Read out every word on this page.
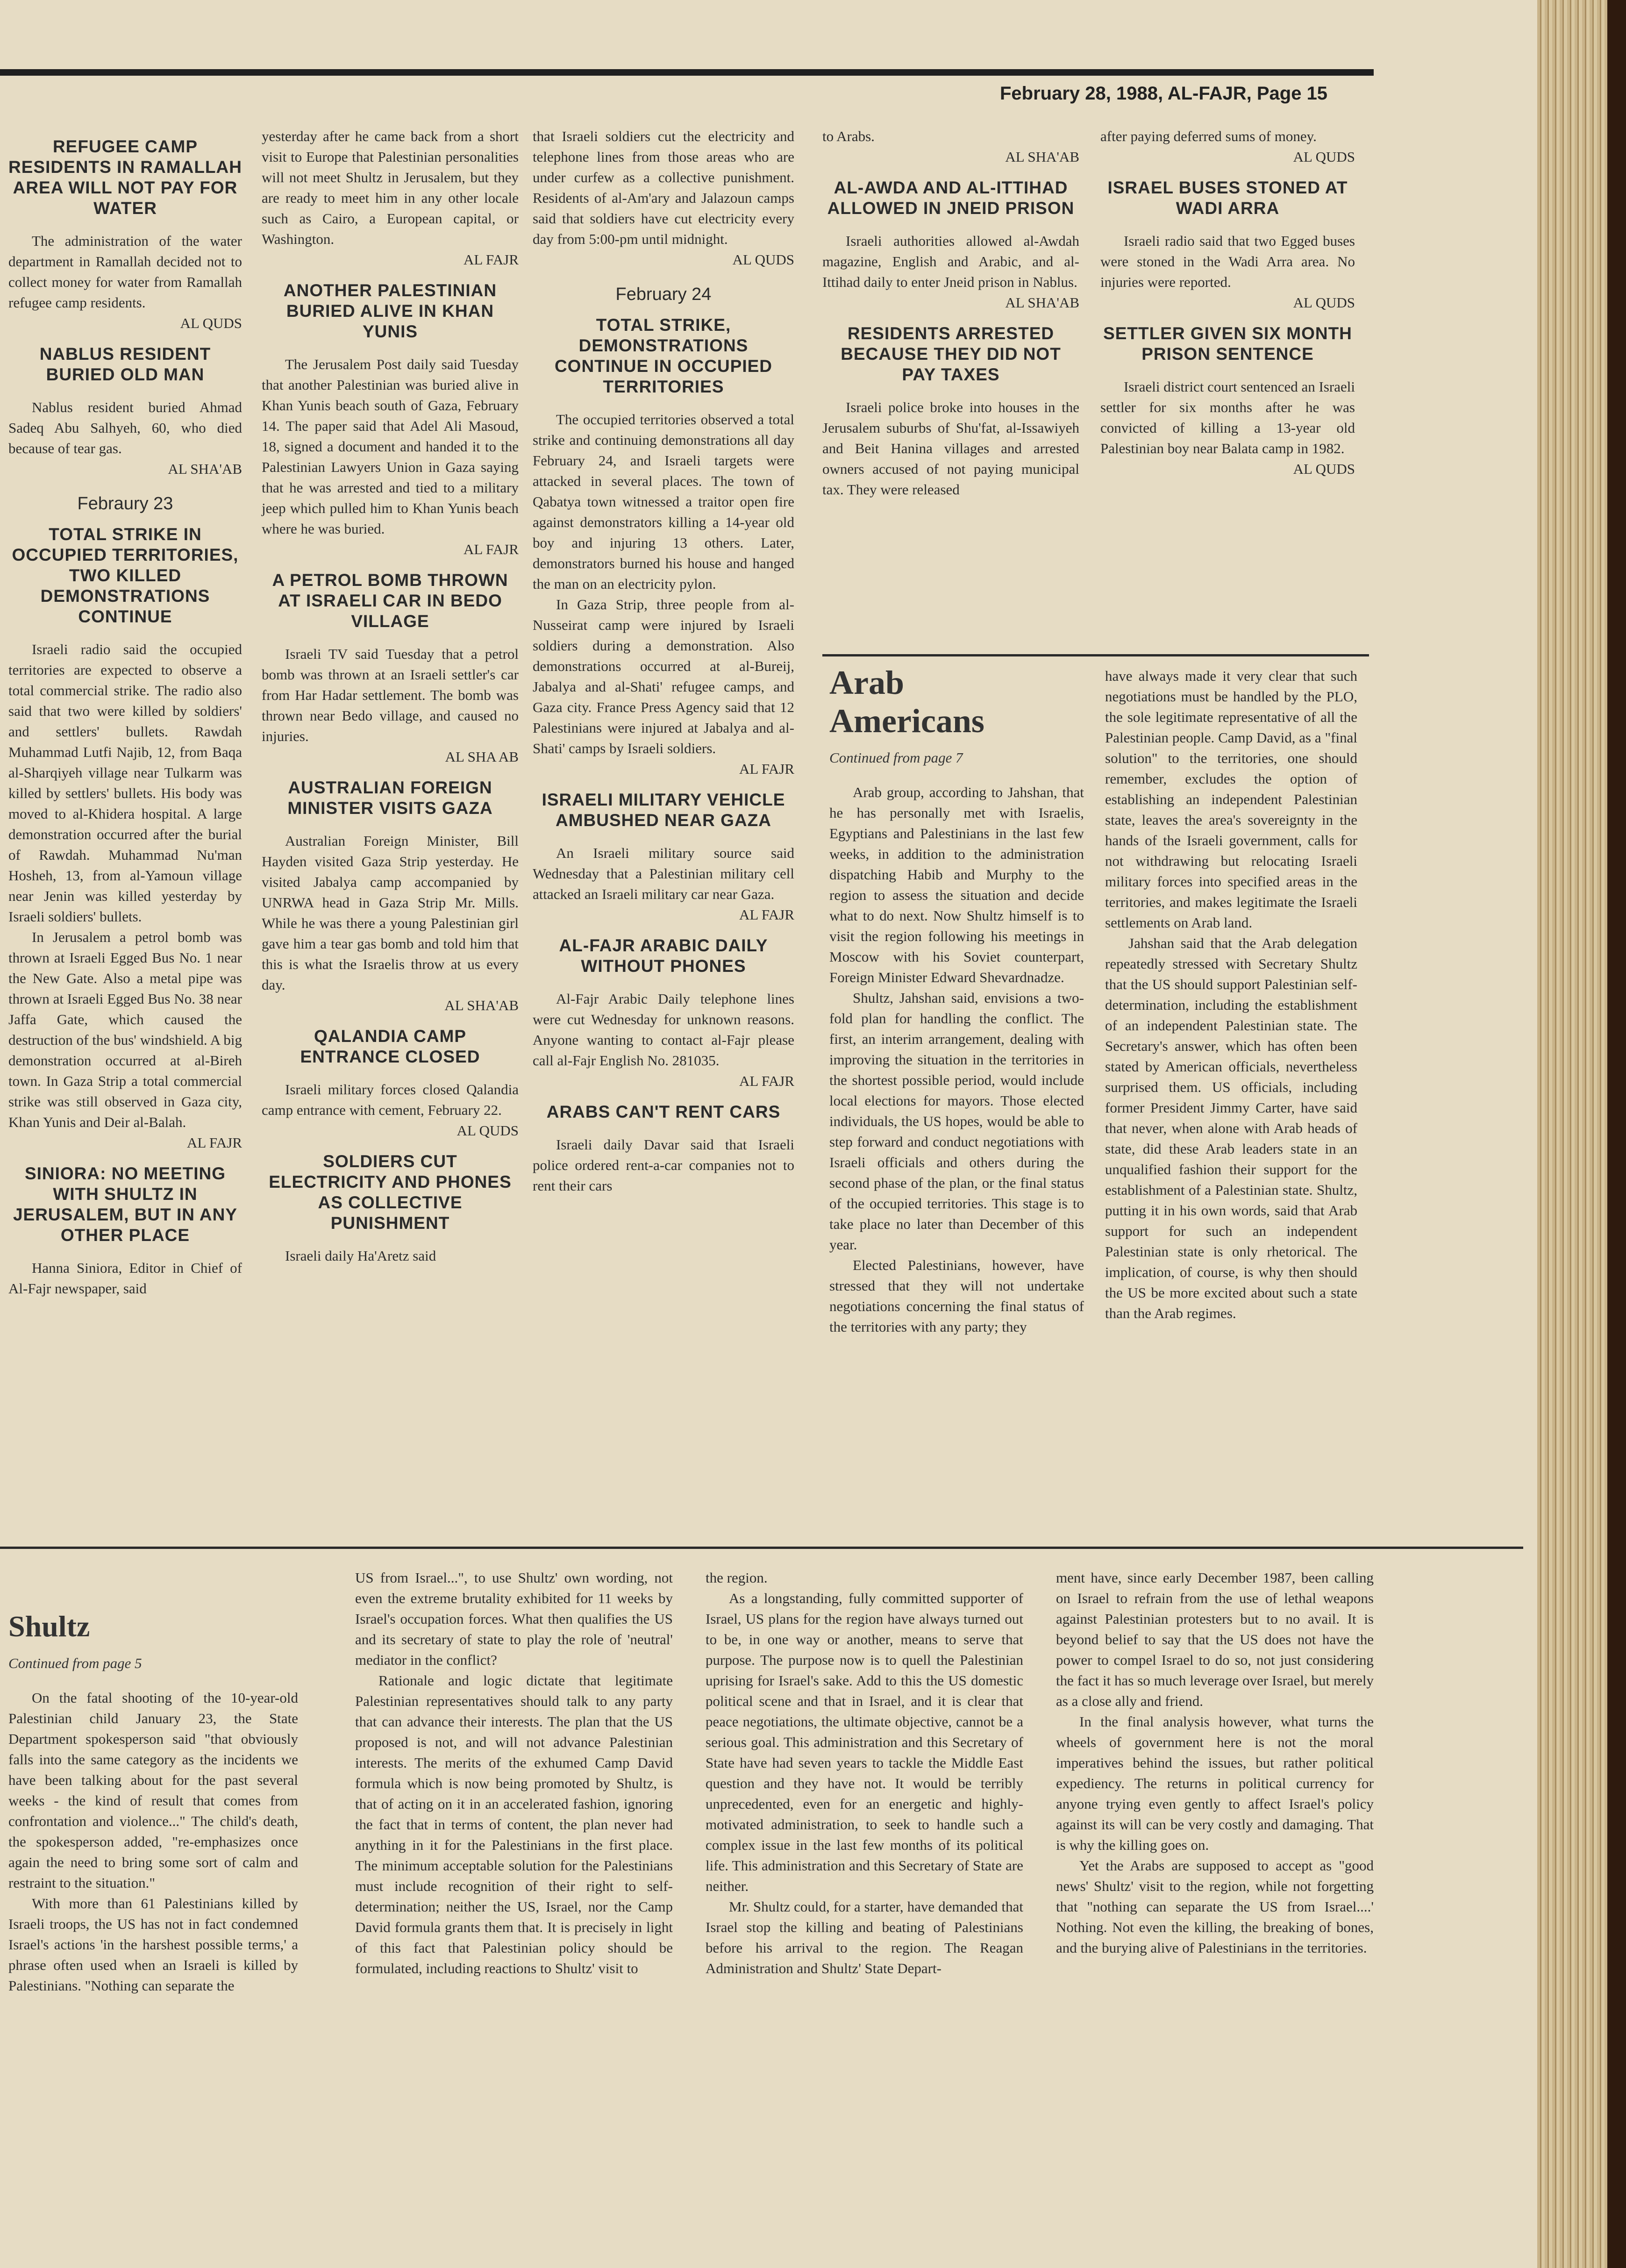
February 28, 1988, AL-FAJR, Page 15
REFUGEE CAMP RESIDENTS IN RAMALLAH AREA WILL NOT PAY FOR WATER
The administration of the water department in Ramallah decided not to collect money for water from Ramallah refugee camp residents.
AL QUDS
NABLUS RESIDENT BURIED OLD MAN
Nablus resident buried Ahmad Sadeq Abu Salhyeh, 60, who died because of tear gas.
AL SHA'AB
Febraury 23
TOTAL STRIKE IN OCCUPIED TERRITORIES, TWO KILLED DEMONSTRATIONS CONTINUE
Israeli radio said the occupied territories are expected to observe a total commercial strike. The radio also said that two were killed by soldiers' and settlers' bullets. Rawdah Muhammad Lutfi Najib, 12, from Baqa al-Sharqiyeh village near Tulkarm was killed by settlers' bullets. His body was moved to al-Khidera hospital. A large demonstration occurred after the burial of Rawdah. Muhammad Nu'man Hosheh, 13, from al-Yamoun village near Jenin was killed yesterday by Israeli soldiers' bullets.
In Jerusalem a petrol bomb was thrown at Israeli Egged Bus No. 1 near the New Gate. Also a metal pipe was thrown at Israeli Egged Bus No. 38 near Jaffa Gate, which caused the destruction of the bus' windshield. A big demonstration occurred at al-Bireh town. In Gaza Strip a total commercial strike was still observed in Gaza city, Khan Yunis and Deir al-Balah.
AL FAJR
SINIORA: NO MEETING WITH SHULTZ IN JERUSALEM, BUT IN ANY OTHER PLACE
Hanna Siniora, Editor in Chief of Al-Fajr newspaper, said
yesterday after he came back from a short visit to Europe that Palestinian personalities will not meet Shultz in Jerusalem, but they are ready to meet him in any other locale such as Cairo, a European capital, or Washington.
AL FAJR
ANOTHER PALESTINIAN BURIED ALIVE IN KHAN YUNIS
The Jerusalem Post daily said Tuesday that another Palestinian was buried alive in Khan Yunis beach south of Gaza, February 14. The paper said that Adel Ali Masoud, 18, signed a document and handed it to the Palestinian Lawyers Union in Gaza saying that he was arrested and tied to a military jeep which pulled him to Khan Yunis beach where he was buried.
AL FAJR
A PETROL BOMB THROWN AT ISRAELI CAR IN BEDO VILLAGE
Israeli TV said Tuesday that a petrol bomb was thrown at an Israeli settler's car from Har Hadar settlement. The bomb was thrown near Bedo village, and caused no injuries.
AL SHA AB
AUSTRALIAN FOREIGN MINISTER VISITS GAZA
Australian Foreign Minister, Bill Hayden visited Gaza Strip yesterday. He visited Jabalya camp accompanied by UNRWA head in Gaza Strip Mr. Mills. While he was there a young Palestinian girl gave him a tear gas bomb and told him that this is what the Israelis throw at us every day.
AL SHA'AB
QALANDIA CAMP ENTRANCE CLOSED
Israeli military forces closed Qalandia camp entrance with cement, February 22.
AL QUDS
SOLDIERS CUT ELECTRICITY AND PHONES AS COLLECTIVE PUNISHMENT
Israeli daily Ha'Aretz said
that Israeli soldiers cut the electricity and telephone lines from those areas who are under curfew as a collective punishment. Residents of al-Am'ary and Jalazoun camps said that soldiers have cut electricity every day from 5:00-pm until midnight.
AL QUDS
February 24
TOTAL STRIKE, DEMONSTRATIONS CONTINUE IN OCCUPIED TERRITORIES
The occupied territories observed a total strike and continuing demonstrations all day February 24, and Israeli targets were attacked in several places. The town of Qabatya town witnessed a traitor open fire against demonstrators killing a 14-year old boy and injuring 13 others. Later, demonstrators burned his house and hanged the man on an electricity pylon.
In Gaza Strip, three people from al-Nusseirat camp were injured by Israeli soldiers during a demonstration. Also demonstrations occurred at al-Bureij, Jabalya and al-Shati' refugee camps, and Gaza city. France Press Agency said that 12 Palestinians were injured at Jabalya and al-Shati' camps by Israeli soldiers.
AL FAJR
ISRAELI MILITARY VEHICLE AMBUSHED NEAR GAZA
An Israeli military source said Wednesday that a Palestinian military cell attacked an Israeli military car near Gaza.
AL FAJR
AL-FAJR ARABIC DAILY WITHOUT PHONES
Al-Fajr Arabic Daily telephone lines were cut Wednesday for unknown reasons. Anyone wanting to contact al-Fajr please call al-Fajr English No. 281035.
AL FAJR
ARABS CAN'T RENT CARS
Israeli daily Davar said that Israeli police ordered rent-a-car companies not to rent their cars
to Arabs.
AL SHA'AB
AL-AWDA AND AL-ITTIHAD ALLOWED IN JNEID PRISON
Israeli authorities allowed al-Awdah magazine, English and Arabic, and al-Ittihad daily to enter Jneid prison in Nablus.
AL SHA'AB
RESIDENTS ARRESTED BECAUSE THEY DID NOT PAY TAXES
Israeli police broke into houses in the Jerusalem suburbs of Shu'fat, al-Issawiyeh and Beit Hanina villages and arrested owners accused of not paying municipal tax. They were released
after paying deferred sums of money.
AL QUDS
ISRAEL BUSES STONED AT WADI ARRA
Israeli radio said that two Egged buses were stoned in the Wadi Arra area. No injuries were reported.
AL QUDS
SETTLER GIVEN SIX MONTH PRISON SENTENCE
Israeli district court sentenced an Israeli settler for six months after he was convicted of killing a 13-year old Palestinian boy near Balata camp in 1982.
AL QUDS
Arab
Americans
Continued from page 7
Arab group, according to Jahshan, that he has personally met with Israelis, Egyptians and Palestinians in the last few weeks, in addition to the administration dispatching Habib and Murphy to the region to assess the situation and decide what to do next. Now Shultz himself is to visit the region following his meetings in Moscow with his Soviet counterpart, Foreign Minister Edward Shevardnadze.
Shultz, Jahshan said, envisions a two-fold plan for handling the conflict. The first, an interim arrangement, dealing with improving the situation in the territories in the shortest possible period, would include local elections for mayors. Those elected individuals, the US hopes, would be able to step forward and conduct negotiations with Israeli officials and others during the second phase of the plan, or the final status of the occupied territories. This stage is to take place no later than December of this year.
Elected Palestinians, however, have stressed that they will not undertake negotiations concerning the final status of the territories with any party; they
have always made it very clear that such negotiations must be handled by the PLO, the sole legitimate representative of all the Palestinian people. Camp David, as a "final solution" to the territories, one should remember, excludes the option of establishing an independent Palestinian state, leaves the area's sovereignty in the hands of the Israeli government, calls for not withdrawing but relocating Israeli military forces into specified areas in the territories, and makes legitimate the Israeli settlements on Arab land.
Jahshan said that the Arab delegation repeatedly stressed with Secretary Shultz that the US should support Palestinian self-determination, including the establishment of an independent Palestinian state. The Secretary's answer, which has often been stated by American officials, nevertheless surprised them. US officials, including former President Jimmy Carter, have said that never, when alone with Arab heads of state, did these Arab leaders state in an unqualified fashion their support for the establishment of a Palestinian state. Shultz, putting it in his own words, said that Arab support for such an independent Palestinian state is only rhetorical. The implication, of course, is why then should the US be more excited about such a state than the Arab regimes.
Shultz
Continued from page 5
On the fatal shooting of the 10-year-old Palestinian child January 23, the State Department spokesperson said "that obviously falls into the same category as the incidents we have been talking about for the past several weeks - the kind of result that comes from confrontation and violence..." The child's death, the spokesperson added, "re-emphasizes once again the need to bring some sort of calm and restraint to the situation."
With more than 61 Palestinians killed by Israeli troops, the US has not in fact condemned Israel's actions 'in the harshest possible terms,' a phrase often used when an Israeli is killed by Palestinians. "Nothing can separate the
US from Israel...", to use Shultz' own wording, not even the extreme brutality exhibited for 11 weeks by Israel's occupation forces. What then qualifies the US and its secretary of state to play the role of 'neutral' mediator in the conflict?
Rationale and logic dictate that legitimate Palestinian representatives should talk to any party that can advance their interests. The plan that the US proposed is not, and will not advance Palestinian interests. The merits of the exhumed Camp David formula which is now being promoted by Shultz, is that of acting on it in an accelerated fashion, ignoring the fact that in terms of content, the plan never had anything in it for the Palestinians in the first place. The minimum acceptable solution for the Palestinians must include recognition of their right to self-determination; neither the US, Israel, nor the Camp David formula grants them that. It is precisely in light of this fact that Palestinian policy should be formulated, including reactions to Shultz' visit to
the region.
As a longstanding, fully committed supporter of Israel, US plans for the region have always turned out to be, in one way or another, means to serve that purpose. The purpose now is to quell the Palestinian uprising for Israel's sake. Add to this the US domestic political scene and that in Israel, and it is clear that peace negotiations, the ultimate objective, cannot be a serious goal. This administration and this Secretary of State have had seven years to tackle the Middle East question and they have not. It would be terribly unprecedented, even for an energetic and highly-motivated administration, to seek to handle such a complex issue in the last few months of its political life. This administration and this Secretary of State are neither.
Mr. Shultz could, for a starter, have demanded that Israel stop the killing and beating of Palestinians before his arrival to the region. The Reagan Administration and Shultz' State Depart-
ment have, since early December 1987, been calling on Israel to refrain from the use of lethal weapons against Palestinian protesters but to no avail. It is beyond belief to say that the US does not have the power to compel Israel to do so, not just considering the fact it has so much leverage over Israel, but merely as a close ally and friend.
In the final analysis however, what turns the wheels of government here is not the moral imperatives behind the issues, but rather political expediency. The returns in political currency for anyone trying even gently to affect Israel's policy against its will can be very costly and damaging. That is why the killing goes on.
Yet the Arabs are supposed to accept as "good news' Shultz' visit to the region, while not forgetting that "nothing can separate the US from Israel....' Nothing. Not even the killing, the breaking of bones, and the burying alive of Palestinians in the territories.
